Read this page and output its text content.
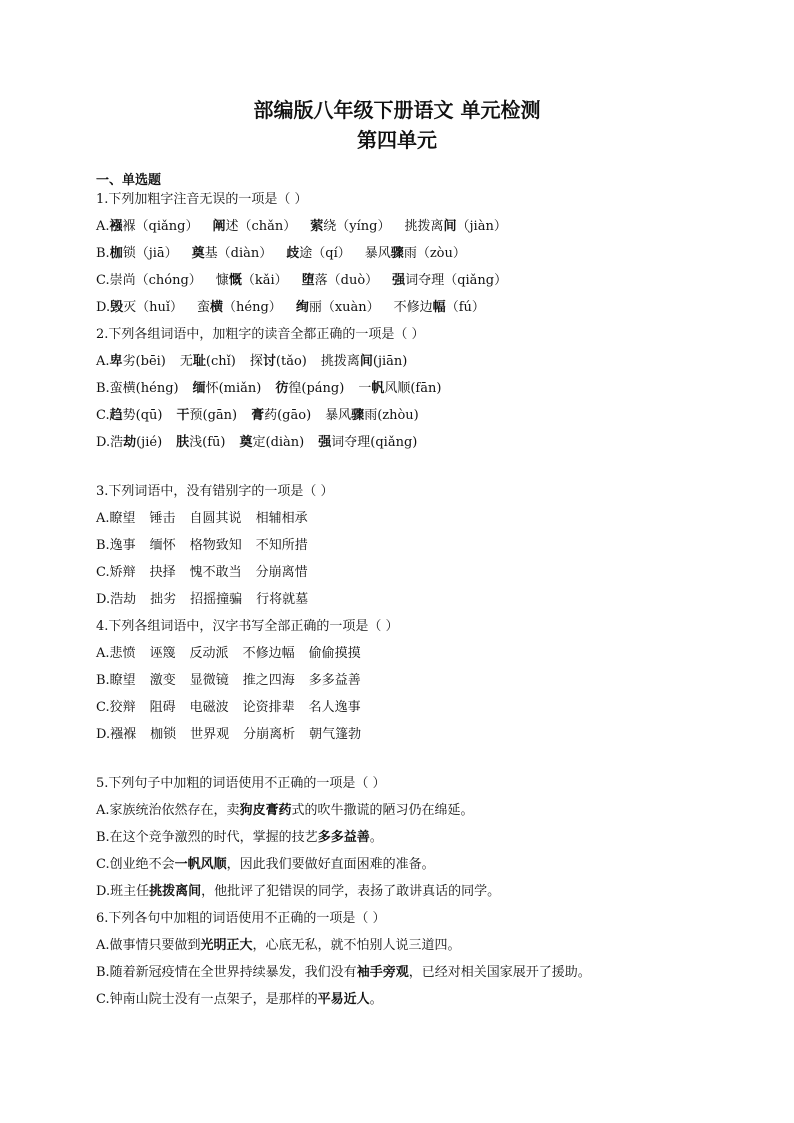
部编版八年级下册语文 单元检测
第四单元
一、单选题
1.下列加粗字注音无误的一项是（ ）
A.襁褓（qiǎng） 阐述（chǎn） 萦绕（yíng） 挑拨离间（jiàn）
B.枷锁（jiā） 奠基（diàn） 歧途（qí） 暴风骤雨（zòu）
C.崇尚（chóng） 慷慨（kǎi） 堕落（duò） 强词夺理（qiǎng）
D.毁灭（huǐ） 蛮横（héng） 绚丽（xuàn） 不修边幅（fú）
2.下列各组词语中，加粗字的读音全都正确的一项是（ ）
A.卑劣(bēi) 无耻(chǐ) 探讨(tǎo) 挑拨离间(jiān)
B.蛮横(héng) 缅怀(miǎn) 彷徨(páng) 一帆风顺(fān)
C.趋势(qū) 干预(gān) 膏药(gāo) 暴风骤雨(zhòu)
D.浩劫(jié) 肤浅(fū) 奠定(diàn) 强词夺理(qiǎng)
3.下列词语中，没有错别字的一项是（ ）
A.瞭望 锤击 自圆其说 相辅相承
B.逸事 缅怀 格物致知 不知所措
C.矫辩 抉择 愧不敢当 分崩离惜
D.浩劫 拙劣 招摇撞骗 行将就墓
4.下列各组词语中，汉字书写全部正确的一项是（ ）
A.悲愤 诬篾 反动派 不修边幅 偷偷摸摸
B.瞭望 激变 显微镜 推之四海 多多益善
C.狡辩 阻碍 电磁波 论资排辈 名人逸事
D.襁褓 枷锁 世界观 分崩离析 朝气篷勃
5.下列句子中加粗的词语使用不正确的一项是（ ）
A.家族统治依然存在，卖狗皮膏药式的吹牛撒谎的陋习仍在绵延。
B.在这个竞争激烈的时代，掌握的技艺多多益善。
C.创业绝不会一帆风顺，因此我们要做好直面困难的准备。
D.班主任挑拨离间，他批评了犯错误的同学，表扬了敢讲真话的同学。
6.下列各句中加粗的词语使用不正确的一项是（ ）
A.做事情只要做到光明正大，心底无私，就不怕别人说三道四。
B.随着新冠疫情在全世界持续暴发，我们没有袖手旁观，已经对相关国家展开了援助。
C.钟南山院士没有一点架子，是那样的平易近人。
